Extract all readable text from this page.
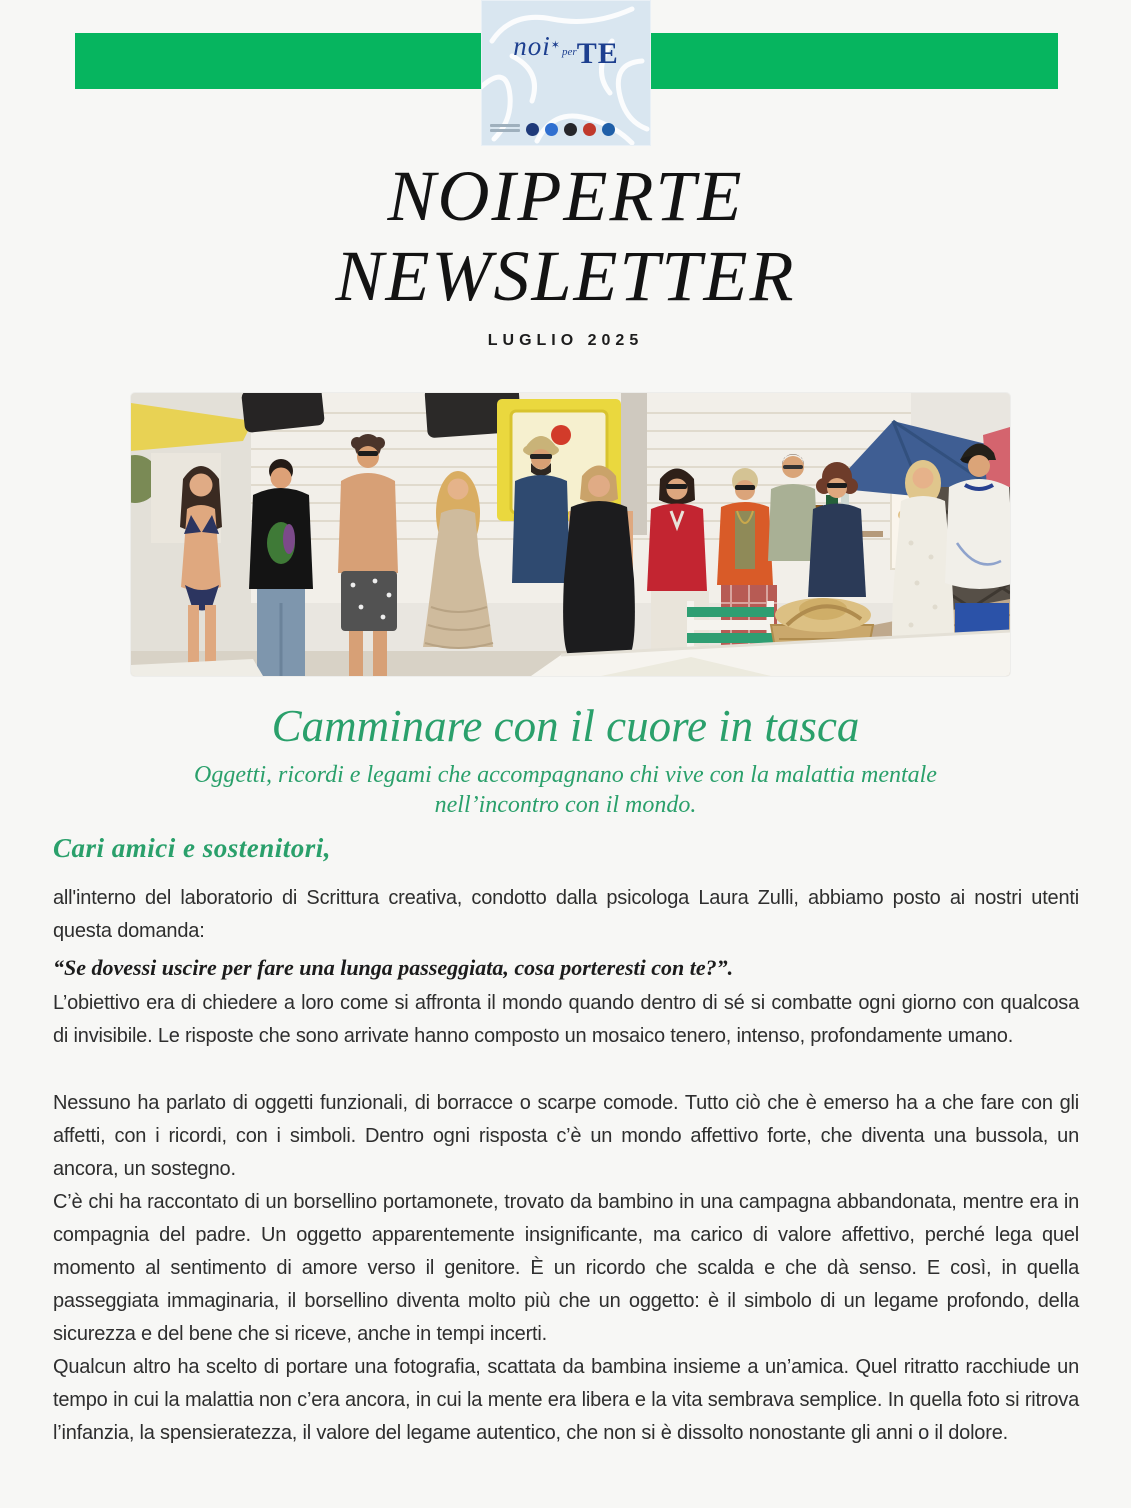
noi✶perTE
NOIPERTE
NEWSLETTER
LUGLIO 2025
Camminare con il cuore in tasca
Oggetti, ricordi e legami che accompagnano chi vive con la malattia mentale
nell’incontro con il mondo.
Cari amici e sostenitori,

all'interno del laboratorio di Scrittura creativa, condotto dalla psicologa Laura Zulli, abbiamo posto ai nostri utenti questa domanda:

“Se dovessi uscire per fare una lunga passeggiata, cosa porteresti con te?”.

L’obiettivo era di chiedere a loro come si affronta il mondo quando dentro di sé si combatte ogni giorno con qualcosa di invisibile. Le risposte che sono arrivate hanno composto un mosaico tenero, intenso, profondamente umano.

Nessuno ha parlato di oggetti funzionali, di borracce o scarpe comode. Tutto ciò che è emerso ha a che fare con gli affetti, con i ricordi, con i simboli. Dentro ogni risposta c’è un mondo affettivo forte, che diventa una bussola, un ancora, un sostegno.

C’è chi ha raccontato di un borsellino portamonete, trovato da bambino in una campagna abbandonata, mentre era in compagnia del padre. Un oggetto apparentemente insignificante, ma carico di valore affettivo, perché lega quel momento al sentimento di amore verso il genitore. È un ricordo che scalda e che dà senso. E così, in quella passeggiata immaginaria, il borsellino diventa molto più che un oggetto: è il simbolo di un legame profondo, della sicurezza e del bene che si riceve, anche in tempi incerti.

Qualcun altro ha scelto di portare una fotografia, scattata da bambina insieme a un’amica. Quel ritratto racchiude un tempo in cui la malattia non c’era ancora, in cui la mente era libera e la vita sembrava semplice. In quella foto si ritrova l’infanzia, la spensieratezza, il valore del legame autentico, che non si è dissolto nonostante gli anni o il dolore.
